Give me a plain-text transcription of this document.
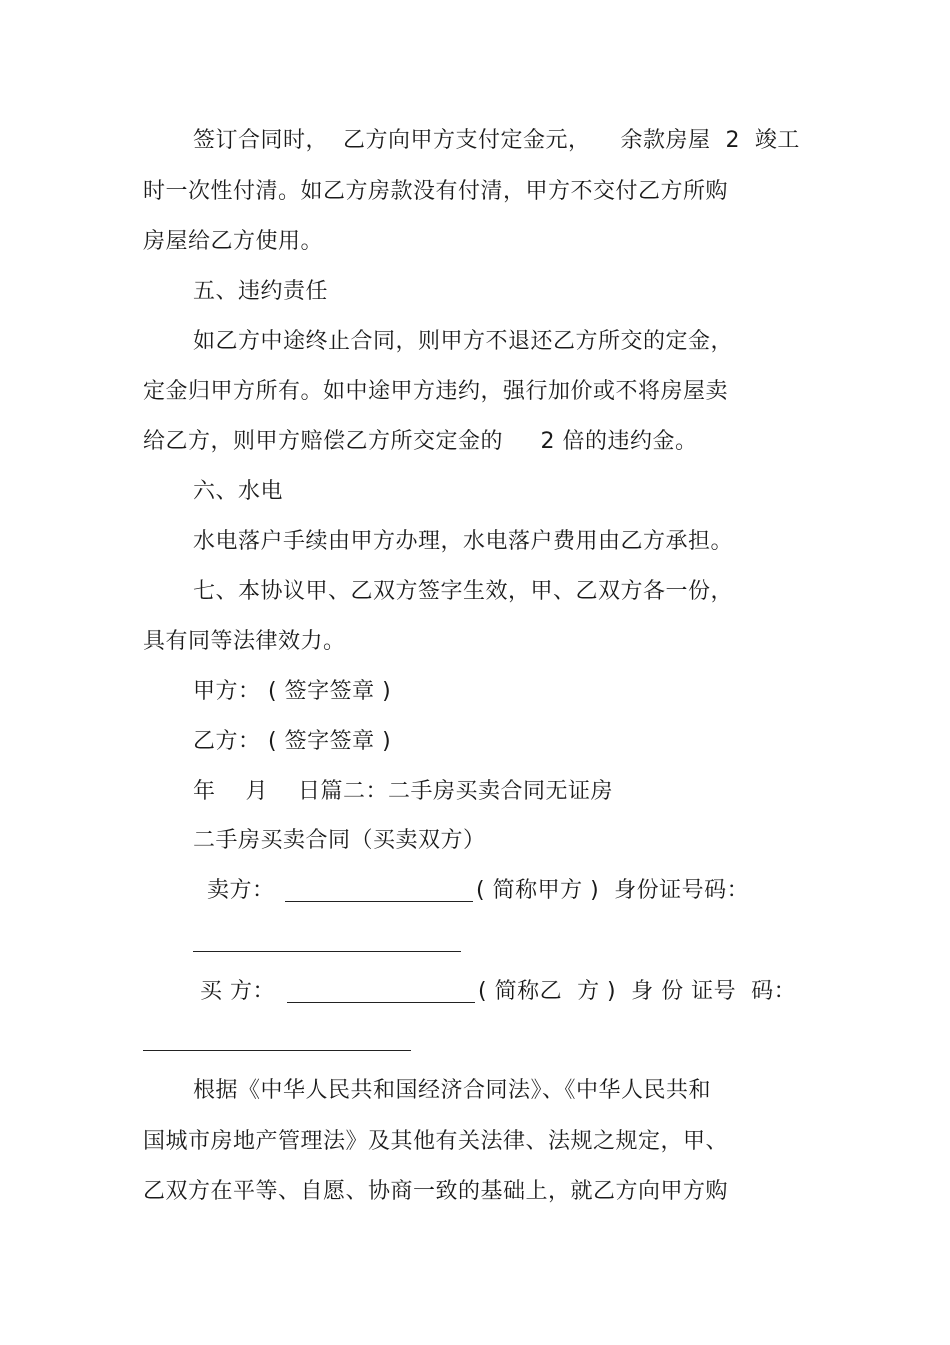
签订合同时，  乙方向甲方支付定金元，    余款房屋  2  竣工
时一次性付清。如乙方房款没有付清，甲方不交付乙方所购
房屋给乙方使用。
五、违约责任
如乙方中途终止合同，则甲方不退还乙方所交的定金，
定金归甲方所有。如中途甲方违约，强行加价或不将房屋卖
给乙方，则甲方赔偿乙方所交定金的     2 倍的违约金。
六、水电
水电落户手续由甲方办理，水电落户费用由乙方承担。
七、本协议甲、乙双方签字生效，甲、乙双方各一份，
具有同等法律效力。
甲方： ( 签字签章 )
乙方： ( 签字签章 )
年    月    日篇二：二手房买卖合同无证房
二手房买卖合同（买卖双方）
卖方：	( 简称甲方 )  身份证号码：
买 方：	( 简称乙  方 )  身 份 证号  码：
根据《中华人民共和国经济合同法》、《中华人民共和
国城市房地产管理法》及其他有关法律、法规之规定，甲、
乙双方在平等、自愿、协商一致的基础上，就乙方向甲方购
